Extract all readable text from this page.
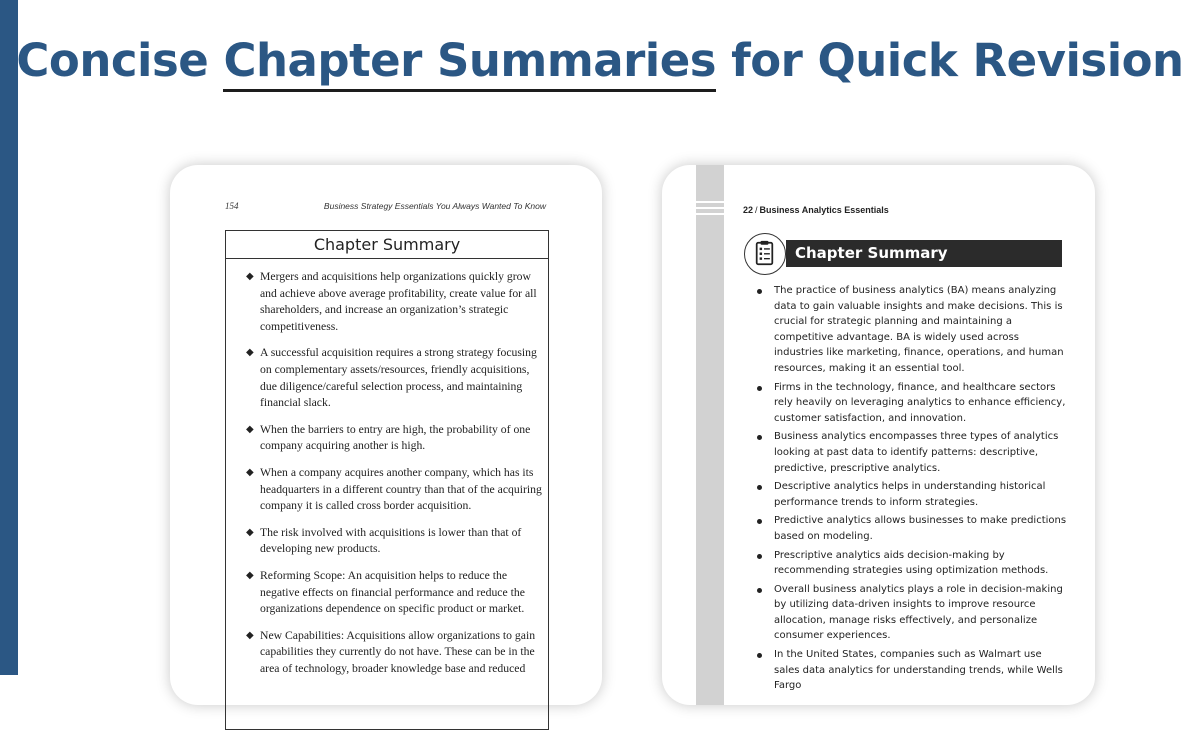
Concise Chapter Summaries for Quick Revision
154	Business Strategy Essentials You Always Wanted To Know
Chapter Summary
◆ Mergers and acquisitions help organizations quickly grow and achieve above average profitability, create value for all shareholders, and increase an organization’s strategic competitiveness.
◆ A successful acquisition requires a strong strategy focusing on complementary assets/resources, friendly acquisitions, due diligence/careful selection process, and maintaining financial slack.
◆ When the barriers to entry are high, the probability of one company acquiring another is high.
◆ When a company acquires another company, which has its headquarters in a different country than that of the acquiring company it is called cross border acquisition.
◆ The risk involved with acquisitions is lower than that of developing new products.
◆ Reforming Scope: An acquisition helps to reduce the negative effects on financial performance and reduce the organizations dependence on specific product or market.
◆ New Capabilities: Acquisitions allow organizations to gain capabilities they currently do not have. These can be in the area of technology, broader knowledge base and reduced
22 / Business Analytics Essentials
Chapter Summary
The practice of business analytics (BA) means analyzing data to gain valuable insights and make decisions. This is crucial for strategic planning and maintaining a competitive advantage. BA is widely used across industries like marketing, finance, operations, and human resources, making it an essential tool.
Firms in the technology, finance, and healthcare sectors rely heavily on leveraging analytics to enhance efficiency, customer satisfaction, and innovation.
Business analytics encompasses three types of analytics looking at past data to identify patterns: descriptive, predictive, prescriptive analytics.
Descriptive analytics helps in understanding historical performance trends to inform strategies.
Predictive analytics allows businesses to make predictions based on modeling.
Prescriptive analytics aids decision-making by recommending strategies using optimization methods.
Overall business analytics plays a role in decision-making by utilizing data-driven insights to improve resource allocation, manage risks effectively, and personalize consumer experiences.
In the United States, companies such as Walmart use sales data analytics for understanding trends, while Wells Fargo
